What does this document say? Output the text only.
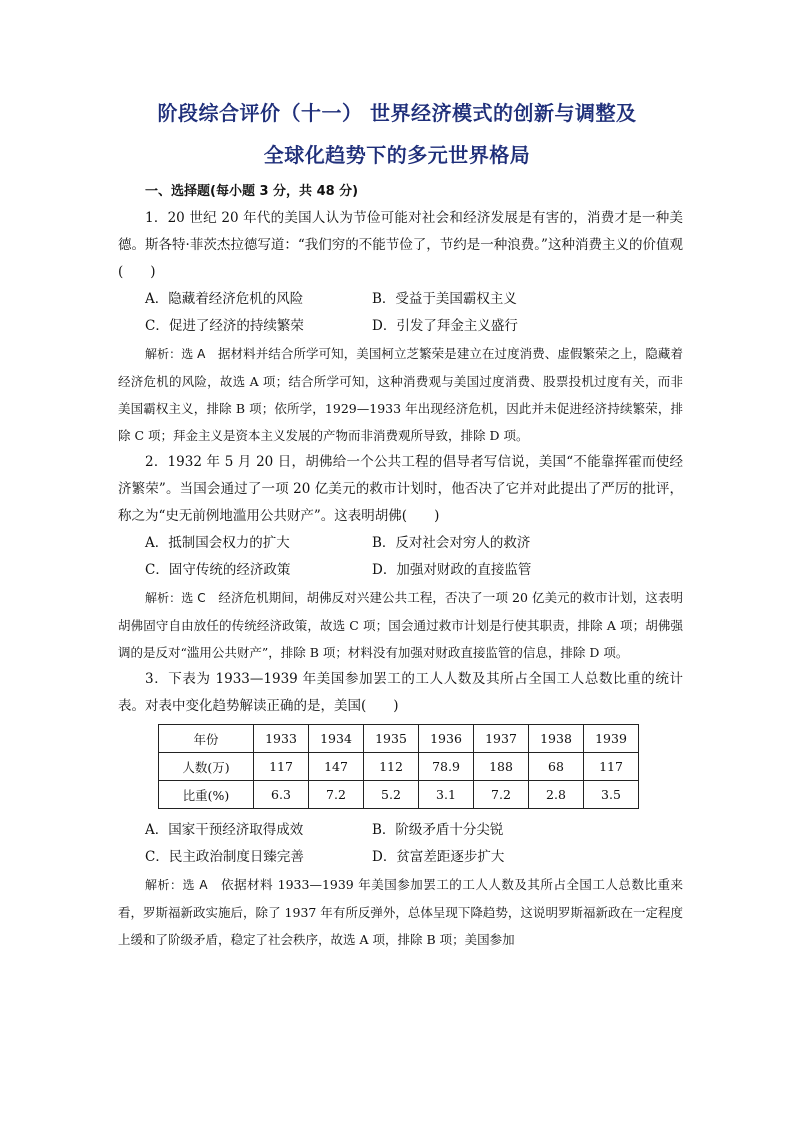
阶段综合评价（十一） 世界经济模式的创新与调整及
全球化趋势下的多元世界格局
一、选择题(每小题 3 分，共 48 分)

1．20 世纪 20 年代的美国人认为节俭可能对社会和经济发展是有害的，消费才是一种美德。斯各特·菲茨杰拉德写道：“我们穷的不能节俭了，节约是一种浪费。”这种消费主义的价值观(　　)

A．隐藏着经济危机的风险	B．受益于美国霸权主义
C．促进了经济的持续繁荣	D．引发了拜金主义盛行

解析：选 A　 据材料并结合所学可知，美国柯立芝繁荣是建立在过度消费、虚假繁荣之上，隐藏着经济危机的风险，故选 A 项；结合所学可知，这种消费观与美国过度消费、股票投机过度有关，而非美国霸权主义，排除 B 项；依所学，1929—1933 年出现经济危机，因此并未促进经济持续繁荣，排除 C 项；拜金主义是资本主义发展的产物而非消费观所导致，排除 D 项。

2．1932 年 5 月 20 日，胡佛给一个公共工程的倡导者写信说，美国“不能靠挥霍而使经济繁荣”。当国会通过了一项 20 亿美元的救市计划时，他否决了它并对此提出了严厉的批评，称之为“史无前例地滥用公共财产”。这表明胡佛(　　)

A．抵制国会权力的扩大	B．反对社会对穷人的救济
C．固守传统的经济政策	D．加强对财政的直接监管

解析：选 C　 经济危机期间，胡佛反对兴建公共工程，否决了一项 20 亿美元的救市计划，这表明胡佛固守自由放任的传统经济政策，故选 C 项；国会通过救市计划是行使其职责，排除 A 项；胡佛强调的是反对“滥用公共财产”，排除 B 项；材料没有加强对财政直接监管的信息，排除 D 项。

3．下表为 1933—1939 年美国参加罢工的工人人数及其所占全国工人总数比重的统计表。对表中变化趋势解读正确的是，美国(　　)

年份	1933	1934	1935	1936	1937	1938	1939
人数(万)	117	147	112	78.9	188	68	117
比重(%)	6.3	7.2	5.2	3.1	7.2	2.8	3.5
A．国家干预经济取得成效	B．阶级矛盾十分尖锐
C．民主政治制度日臻完善	D．贫富差距逐步扩大

解析：选 A　 依据材料 1933—1939 年美国参加罢工的工人人数及其所占全国工人总数比重来看，罗斯福新政实施后，除了 1937 年有所反弹外，总体呈现下降趋势，这说明罗斯福新政在一定程度上缓和了阶级矛盾，稳定了社会秩序，故选 A 项，排除 B 项；美国参加
